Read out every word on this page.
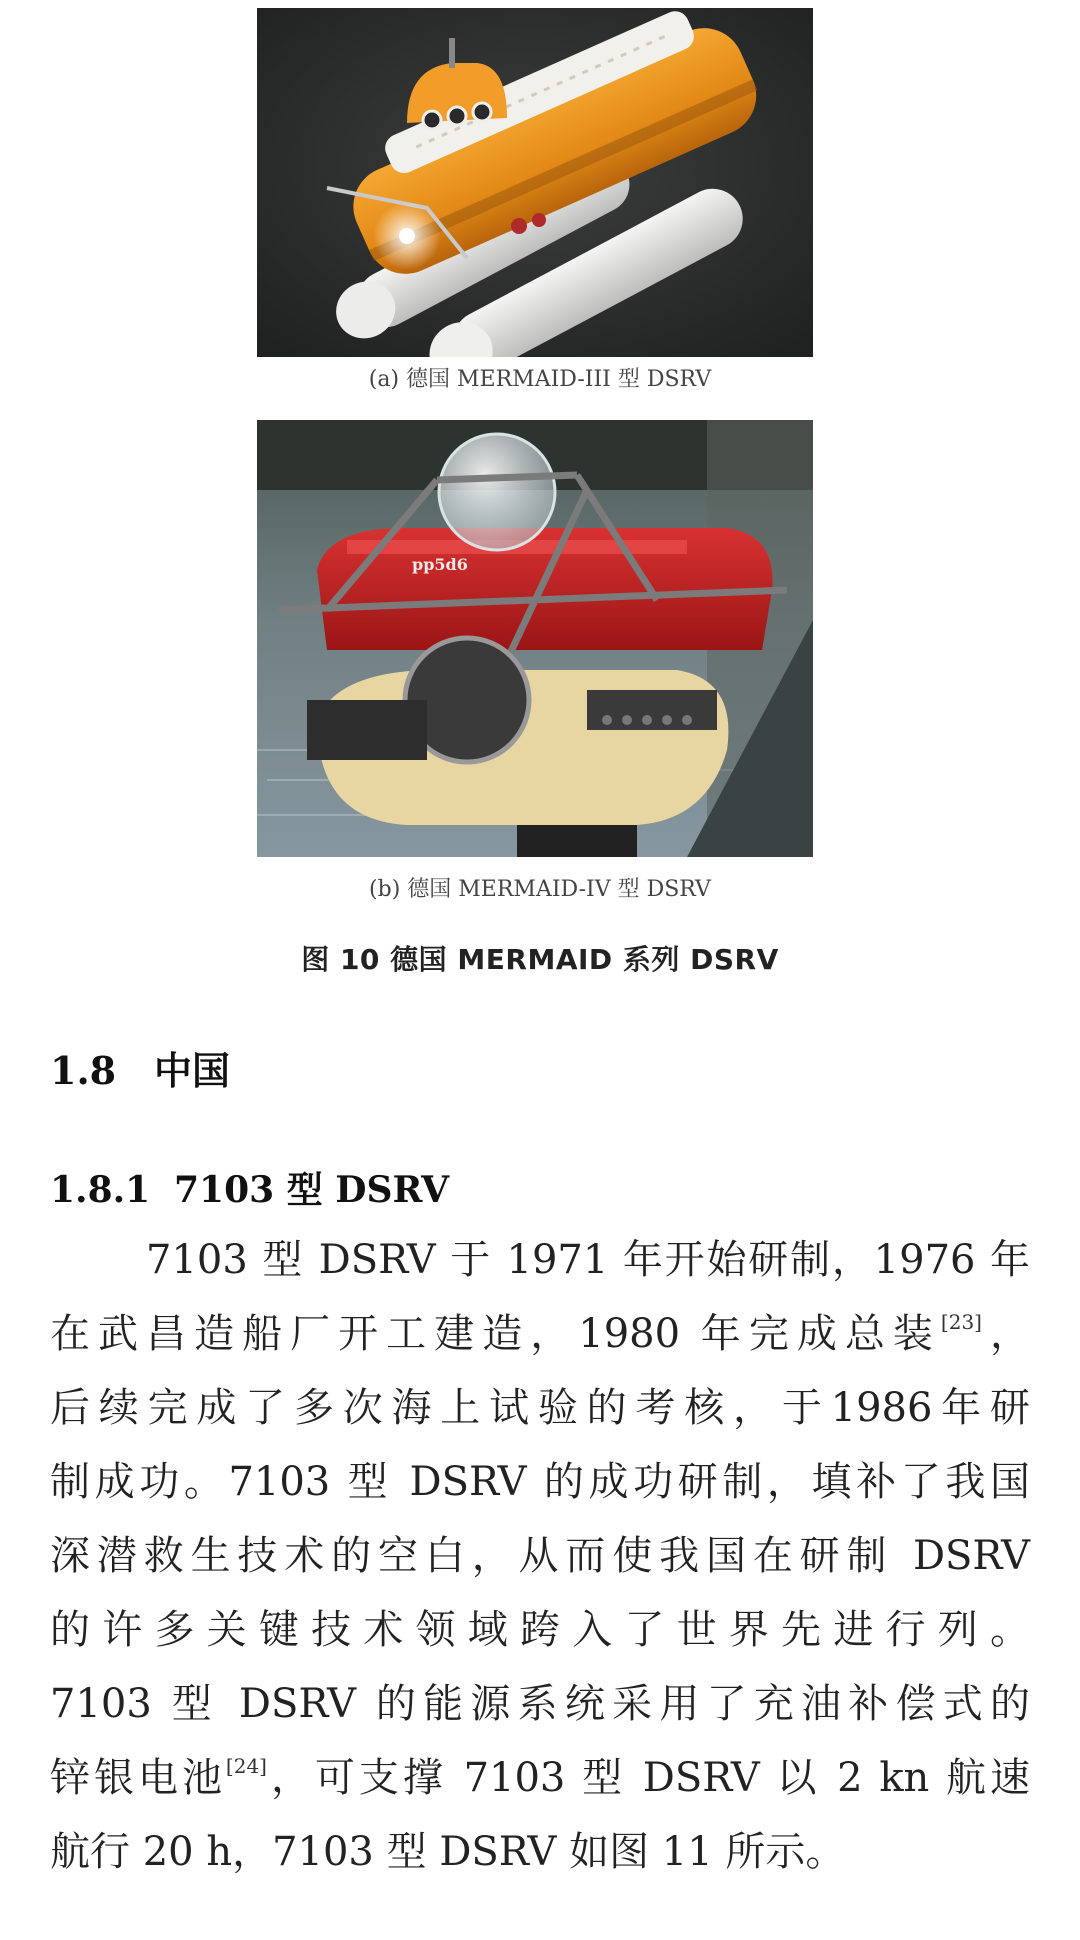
(a) 德国 MERMAID-III 型 DSRV
pp5d6
(b) 德国 MERMAID-IV 型 DSRV
图 10 德国 MERMAID 系列 DSRV
1.8 中国
1.8.1 7103 型 DSRV
7103 型 DSRV 于 1971 年开始研制，1976 年
在武昌造船厂开工建造，1980 年完成总装[23]，
后续完成了多次海上试验的考核，于1986年研
制成功。7103 型 DSRV 的成功研制，填补了我国
深潜救生技术的空白，从而使我国在研制 DSRV
的许多关键技术领域跨入了世界先进行列。
7103 型 DSRV 的能源系统采用了充油补偿式的
锌银电池[24]，可支撑 7103 型 DSRV 以 2 kn 航速
航行 20 h，7103 型 DSRV 如图 11 所示。
